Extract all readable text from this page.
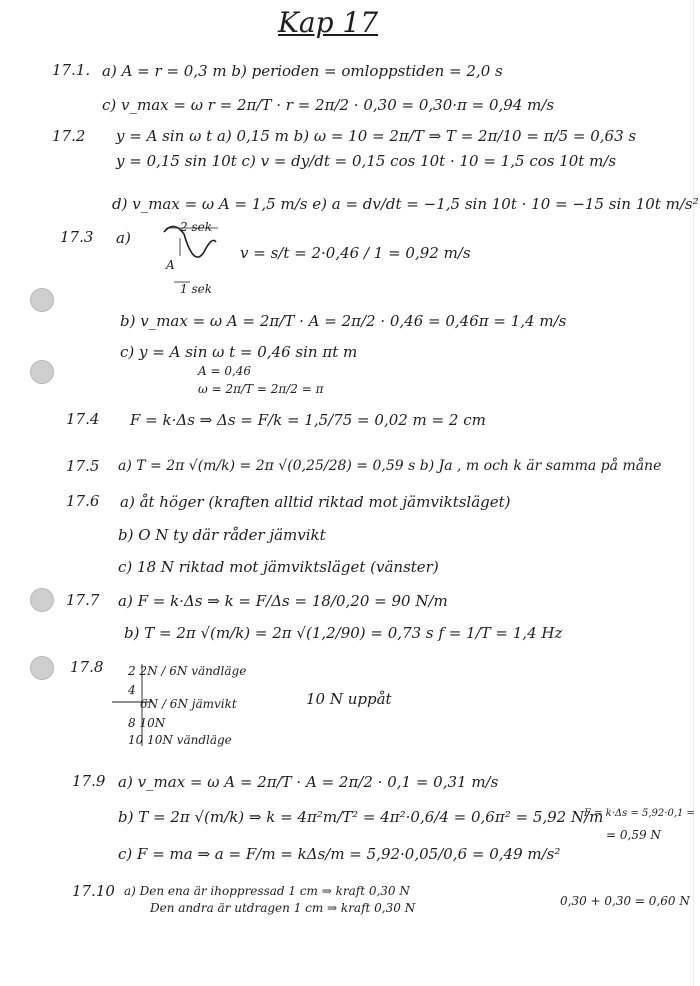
Kap 17
17.1. a) A = r = 0,3 m b) perioden = omloppstiden = 2,0 s
c) v_max = ω r = 2π/T · r = 2π/2 · 0,30 = 0,30·π = 0,94 m/s
17.2 y = A sin ω t a) 0,15 m b) ω = 10 = 2π/T ⇒ T = 2π/10 = π/5 = 0,63 s
y = 0,15 sin 10t c) v = dy/dt = 0,15 cos 10t · 10 = 1,5 cos 10t m/s
d) v_max = ω A = 1,5 m/s e) a = dv/dt = −1,5 sin 10t · 10 = −15 sin 10t m/s²
17.3 a)
2 sek
A
1 sek
v = s/t = 2·0,46 / 1 = 0,92 m/s
b) v_max = ω A = 2π/T · A = 2π/2 · 0,46 = 0,46π = 1,4 m/s
c) y = A sin ω t = 0,46 sin πt m
A = 0,46
ω = 2π/T = 2π/2 = π
17.4 F = k·Δs ⇒ Δs = F/k = 1,5/75 = 0,02 m = 2 cm
17.5 a) T = 2π √(m/k) = 2π √(0,25/28) = 0,59 s b) Ja , m och k är samma på måne
17.6 a) åt höger (kraften alltid riktad mot jämviktsläget)
b) O N ty där råder jämvikt
c) 18 N riktad mot jämviktsläget (vänster)
17.7 a) F = k·Δs ⇒ k = F/Δs = 18/0,20 = 90 N/m
b) T = 2π √(m/k) = 2π √(1,2/90) = 0,73 s f = 1/T = 1,4 Hz
17.8 2 2N / 6N vändläge
4
6N / 6N jämvikt
8 10N
10 10N vändläge
10 N uppåt
17.9 a) v_max = ω A = 2π/T · A = 2π/2 · 0,1 = 0,31 m/s
b) T = 2π √(m/k) ⇒ k = 4π²m/T² = 4π²·0,6/4 = 0,6π² = 5,92 N/m
c) F = ma ⇒ a = F/m = kΔs/m = 5,92·0,05/0,6 = 0,49 m/s²
F = k·Δs = 5,92·0,1 =
= 0,59 N
17.10 a) Den ena är ihoppressad 1 cm ⇒ kraft 0,30 N
Den andra är utdragen 1 cm ⇒ kraft 0,30 N	0,30 + 0,30 = 0,60 N
